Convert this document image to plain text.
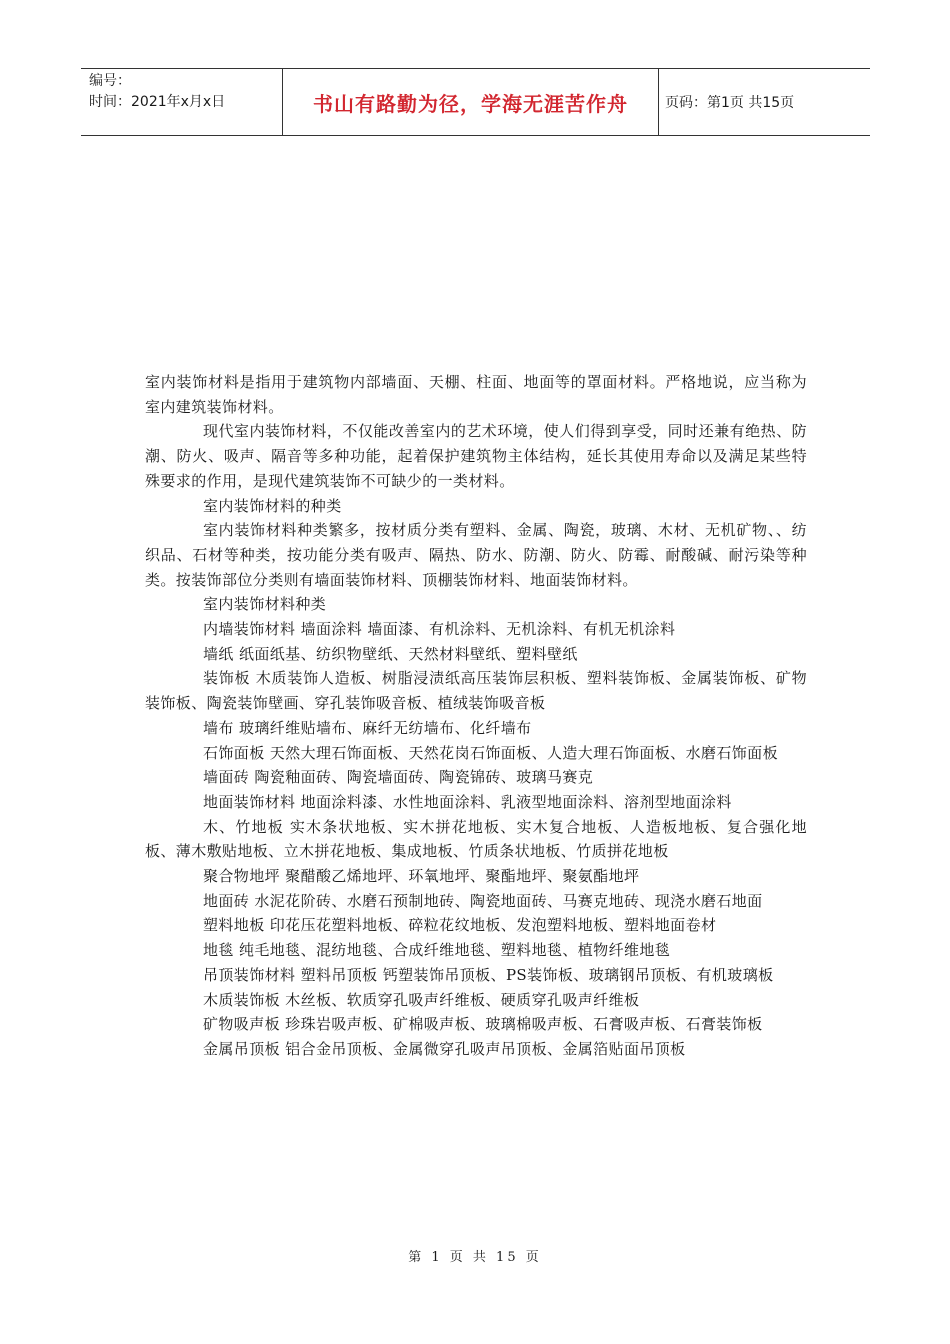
编号：
时间：2021年x月x日	书山有路勤为径，学海无涯苦作舟	页码：第1页 共15页

室内装饰材料是指用于建筑物内部墙面、天棚、柱面、地面等的罩面材料。严格地说，应当称为室内建筑装饰材料。

现代室内装饰材料，不仅能改善室内的艺术环境，使人们得到享受，同时还兼有绝热、防潮、防火、吸声、隔音等多种功能，起着保护建筑物主体结构，延长其使用寿命以及满足某些特殊要求的作用，是现代建筑装饰不可缺少的一类材料。

室内装饰材料的种类

室内装饰材料种类繁多，按材质分类有塑料、金属、陶瓷，玻璃、木材、无机矿物、、纺织品、石材等种类，按功能分类有吸声、隔热、防水、防潮、防火、防霉、耐酸碱、耐污染等种类。按装饰部位分类则有墙面装饰材料、顶棚装饰材料、地面装饰材料。

室内装饰材料种类

内墙装饰材料 墙面涂料 墙面漆、有机涂料、无机涂料、有机无机涂料

墙纸 纸面纸基、纺织物壁纸、天然材料壁纸、塑料壁纸

装饰板 木质装饰人造板、树脂浸渍纸高压装饰层积板、塑料装饰板、金属装饰板、矿物装饰板、陶瓷装饰壁画、穿孔装饰吸音板、植绒装饰吸音板

墙布 玻璃纤维贴墙布、麻纤无纺墙布、化纤墙布

石饰面板 天然大理石饰面板、天然花岗石饰面板、人造大理石饰面板、水磨石饰面板

墙面砖 陶瓷釉面砖、陶瓷墙面砖、陶瓷锦砖、玻璃马赛克

地面装饰材料 地面涂料漆、水性地面涂料、乳液型地面涂料、溶剂型地面涂料

木、竹地板 实木条状地板、实木拼花地板、实木复合地板、人造板地板、复合强化地板、薄木敷贴地板、立木拼花地板、集成地板、竹质条状地板、竹质拼花地板

聚合物地坪 聚醋酸乙烯地坪、环氧地坪、聚酯地坪、聚氨酯地坪

地面砖 水泥花阶砖、水磨石预制地砖、陶瓷地面砖、马赛克地砖、现浇水磨石地面

塑料地板 印花压花塑料地板、碎粒花纹地板、发泡塑料地板、塑料地面卷材

地毯 纯毛地毯、混纺地毯、合成纤维地毯、塑料地毯、植物纤维地毯

吊顶装饰材料 塑料吊顶板 钙塑装饰吊顶板、PS装饰板、玻璃钢吊顶板、有机玻璃板

木质装饰板 木丝板、软质穿孔吸声纤维板、硬质穿孔吸声纤维板

矿物吸声板 珍珠岩吸声板、矿棉吸声板、玻璃棉吸声板、石膏吸声板、石膏装饰板

金属吊顶板 铝合金吊顶板、金属微穿孔吸声吊顶板、金属箔贴面吊顶板

第 1 页 共 15 页
